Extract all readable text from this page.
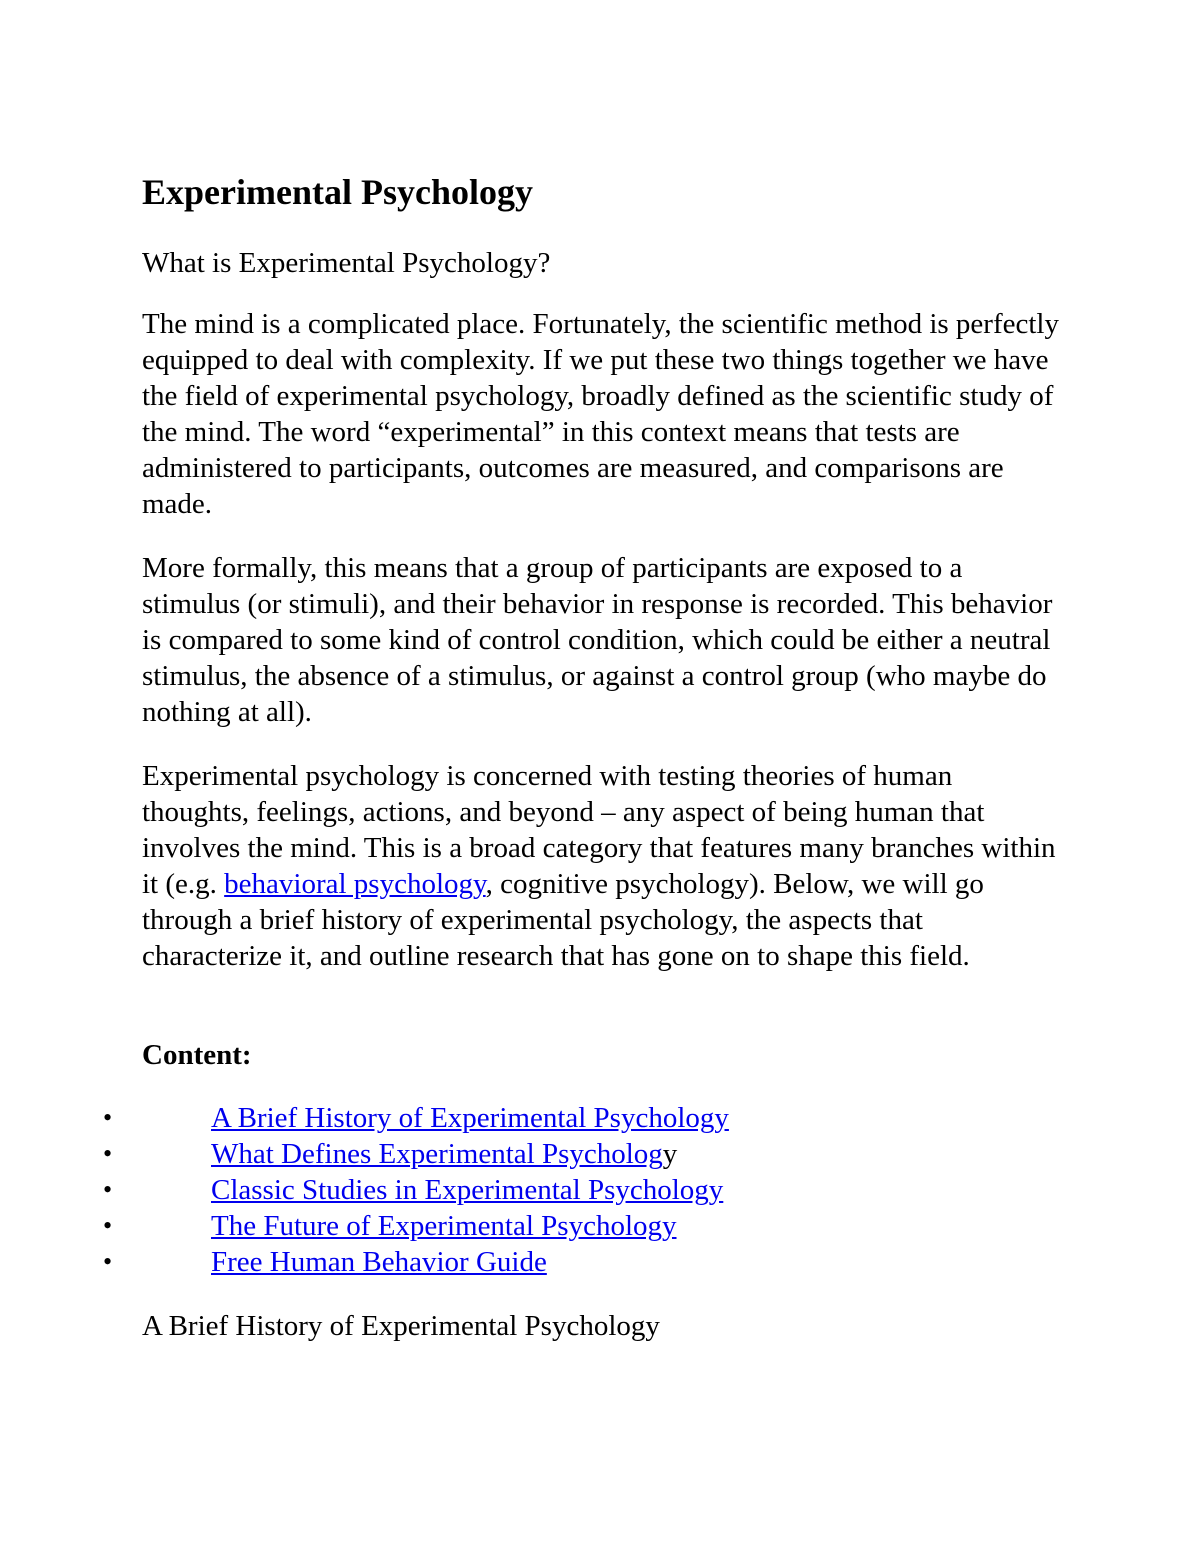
Experimental Psychology

What is Experimental Psychology?

The mind is a complicated place. Fortunately, the scientific method is perfectly equipped to deal with complexity. If we put these two things together we have the field of experimental psychology, broadly defined as the scientific study of the mind. The word “experimental” in this context means that tests are administered to participants, outcomes are measured, and comparisons are made.

More formally, this means that a group of participants are exposed to a stimulus (or stimuli), and their behavior in response is recorded. This behavior is compared to some kind of control condition, which could be either a neutral stimulus, the absence of a stimulus, or against a control group (who maybe do nothing at all).

Experimental psychology is concerned with testing theories of human thoughts, feelings, actions, and beyond – any aspect of being human that involves the mind. This is a broad category that features many branches within it (e.g. behavioral psychology, cognitive psychology). Below, we will go through a brief history of experimental psychology, the aspects that characterize it, and outline research that has gone on to shape this field.

Content:

A Brief History of Experimental Psychology

•	A Brief History of Experimental Psychology
•	What Defines Experimental Psychology
•	Classic Studies in Experimental Psychology
•	The Future of Experimental Psychology
•	Free Human Behavior Guide
